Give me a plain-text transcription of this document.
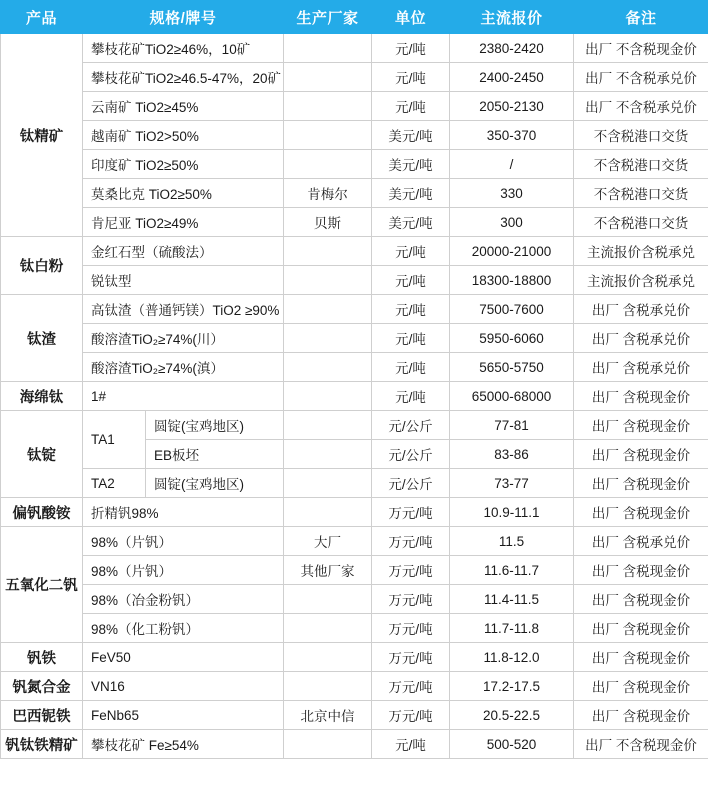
产品	规格/牌号		生产厂家	单位	主流报价	备注
钛精矿	攀枝花矿TiO2≥46%，10矿			元/吨	2380-2420	出厂 不含税现金价
	攀枝花矿TiO2≥46.5-47%，20矿			元/吨	2400-2450	出厂 不含税承兑价
	云南矿 TiO2≥45%			元/吨	2050-2130	出厂 不含税承兑价
	越南矿 TiO2>50%			美元/吨	350-370	不含税港口交货
	印度矿 TiO2≥50%			美元/吨	/	不含税港口交货
	莫桑比克 TiO2≥50%		肯梅尔	美元/吨	330	不含税港口交货
	肯尼亚 TiO2≥49%		贝斯	美元/吨	300	不含税港口交货
钛白粉	金红石型（硫酸法）			元/吨	20000-21000	主流报价含税承兑
	锐钛型			元/吨	18300-18800	主流报价含税承兑
钛渣	高钛渣（普通钙镁）TiO2 ≥90%			元/吨	7500-7600	出厂 含税承兑价
	酸溶渣TiO₂≥74%(川）			元/吨	5950-6060	出厂 含税承兑价
	酸溶渣TiO₂≥74%(滇）			元/吨	5650-5750	出厂 含税承兑价
海绵钛	1#			元/吨	65000-68000	出厂 含税现金价
钛锭	TA1	圆锭(宝鸡地区)		元/公斤	77-81	出厂 含税现金价
		EB板坯		元/公斤	83-86	出厂 含税现金价
	TA2	圆锭(宝鸡地区)		元/公斤	73-77	出厂 含税现金价
偏钒酸铵	折精钒98%			万元/吨	10.9-11.1	出厂 含税现金价
五氧化二钒	98%（片钒）		大厂	万元/吨	11.5	出厂 含税承兑价
	98%（片钒）		其他厂家	万元/吨	11.6-11.7	出厂 含税现金价
	98%（冶金粉钒）			万元/吨	11.4-11.5	出厂 含税现金价
	98%（化工粉钒）			万元/吨	11.7-11.8	出厂 含税现金价
钒铁	FeV50			万元/吨	11.8-12.0	出厂 含税现金价
钒氮合金	VN16			万元/吨	17.2-17.5	出厂 含税现金价
巴西铌铁	FeNb65		北京中信	万元/吨	20.5-22.5	出厂 含税现金价
钒钛铁精矿	攀枝花矿 Fe≥54%			元/吨	500-520	出厂 不含税现金价
